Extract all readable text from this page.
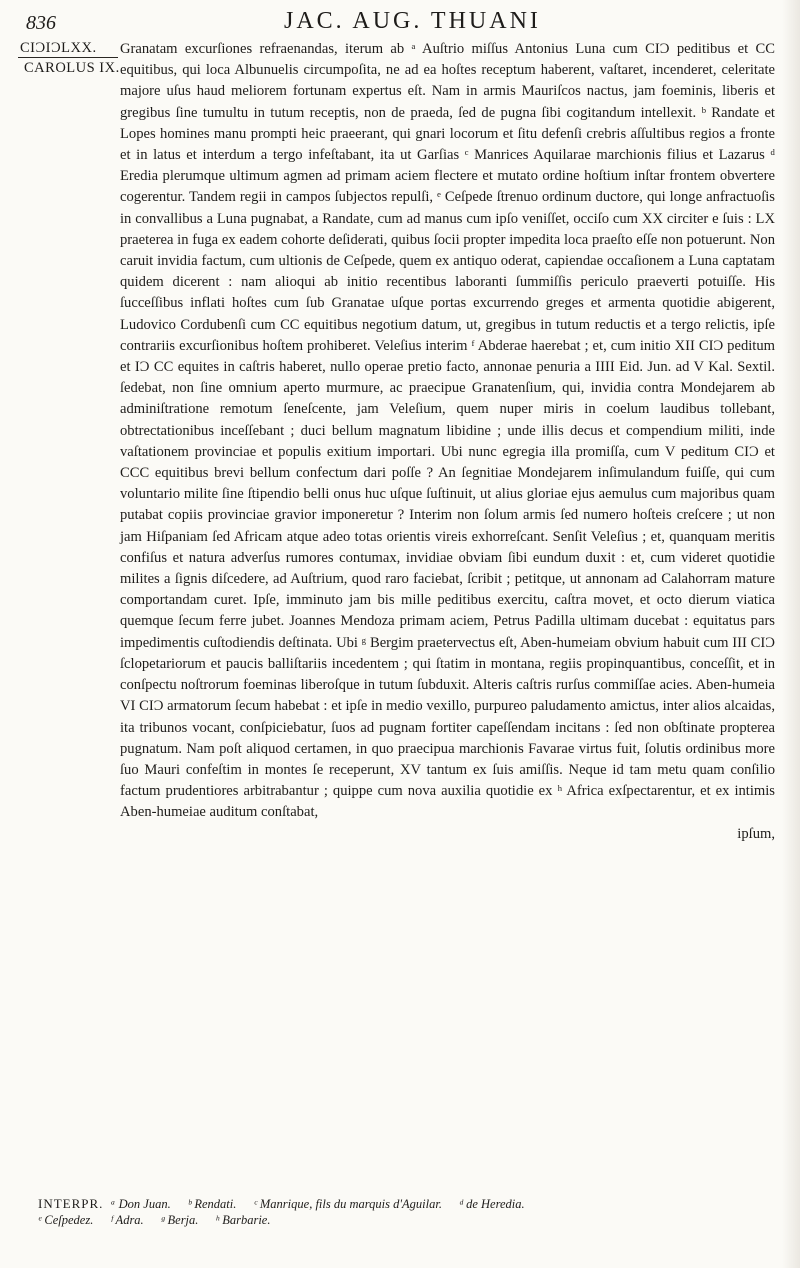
836	JAC. AUG. THUANI
CIƆIƆLXX.
CAROLUS IX.

Granatam excurſiones refraenandas, iterum ab ᵃ Auſtrio miſſus Antonius Luna cum CIƆ peditibus et CC equitibus, qui loca Albunuelis circumpoſita, ne ad ea hoſtes receptum haberent, vaſtaret, incenderet, celeritate majore uſus haud meliorem fortunam expertus eſt. Nam in armis Mauriſcos nactus, jam foeminis, liberis et gregibus ſine tumultu in tutum receptis, non de praeda, ſed de pugna ſibi cogitandum intellexit. ᵇ Randate et Lopes homines manu prompti heic praeerant, qui gnari locorum et ſitu defenſi crebris aſſultibus regios a fronte et in latus et interdum a tergo infeſtabant, ita ut Garſias ᶜ Manrices Aquilarae marchionis filius et Lazarus ᵈ Eredia plerumque ultimum agmen ad primam aciem flectere et mutato ordine hoſtium inſtar frontem obvertere cogerentur. Tandem regii in campos ſubjectos repulſi, ᵉ Ceſpede ſtrenuo ordinum ductore, qui longe anfractuoſis in convallibus a Luna pugnabat, a Randate, cum ad manus cum ipſo veniſſet, occiſo cum XX circiter e ſuis : LX praeterea in fuga ex eadem cohorte deſiderati, quibus ſocii propter impedita loca praeſto eſſe non potuerunt. Non caruit invidia factum, cum ultionis de Ceſpede, quem ex antiquo oderat, capiendae occaſionem a Luna captatam quidem dicerent : nam alioqui ab initio recentibus laboranti ſummiſſis periculo praeverti potuiſſe. His ſucceſſibus inflati hoſtes cum ſub Granatae uſque portas excurrendo greges et armenta quotidie abigerent, Ludovico Cordubenſi cum CC equitibus negotium datum, ut, gregibus in tutum reductis et a tergo relictis, ipſe contrariis excurſionibus hoſtem prohiberet. Veleſius interim ᶠ Abderae haerebat ; et, cum initio XII CIƆ peditum et IƆ CC equites in caſtris haberet, nullo operae pretio facto, annonae penuria a IIII Eid. Jun. ad V Kal. Sextil. ſedebat, non ſine omnium aperto murmure, ac praecipue Granatenſium, qui, invidia contra Mondejarem ab adminiſtratione remotum ſeneſcente, jam Veleſium, quem nuper miris in coelum laudibus tollebant, obtrectationibus inceſſebant ; duci bellum magnatum libidine ; unde illis decus et compendium militi, inde vaſtationem provinciae et populis exitium importari. Ubi nunc egregia illa promiſſa, cum V peditum CIƆ et CCC equitibus brevi bellum confectum dari poſſe ? An ſegnitiae Mondejarem inſimulandum fuiſſe, qui cum voluntario milite ſine ſtipendio belli onus huc uſque ſuſtinuit, ut alius gloriae ejus aemulus cum majoribus quam putabat copiis provinciae gravior imponeretur ? Interim non ſolum armis ſed numero hoſteis creſcere ; ut non jam Hiſpaniam ſed Africam atque adeo totas orientis vireis exhorreſcant. Senſit Veleſius ; et, quanquam meritis confiſus et natura adverſus rumores contumax, invidiae obviam ſibi eundum duxit : et, cum videret quotidie milites a ſignis diſcedere, ad Auſtrium, quod raro faciebat, ſcribit ; petitque, ut annonam ad Calahorram mature comportandam curet. Ipſe, imminuto jam bis mille peditibus exercitu, caſtra movet, et octo dierum viatica quemque ſecum ferre jubet. Joannes Mendoza primam aciem, Petrus Padilla ultimam ducebat : equitatus pars impedimentis cuſtodiendis deſtinata. Ubi ᵍ Bergim praetervectus eſt, Aben-humeiam obvium habuit cum III CIƆ ſclopetariorum et paucis balliſtariis incedentem ; qui ſtatim in montana, regiis propinquantibus, conceſſit, et in conſpectu noſtrorum foeminas liberoſque in tutum ſubduxit. Alteris caſtris rurſus commiſſae acies. Aben-humeia VI CIƆ armatorum ſecum habebat : et ipſe in medio vexillo, purpureo paludamento amictus, inter alios alcaidas, ita tribunos vocant, conſpiciebatur, ſuos ad pugnam fortiter capeſſendam incitans : ſed non obſtinate propterea pugnatum. Nam poſt aliquod certamen, in quo praecipua marchionis Favarae virtus fuit, ſolutis ordinibus more ſuo Mauri confeſtim in montes ſe receperunt, XV tantum ex ſuis amiſſis. Neque id tam metu quam conſilio factum prudentiores arbitrabantur ; quippe cum nova auxilia quotidie ex ʰ Africa exſpectarentur, et ex intimis Aben-humeiae auditum conſtabat,

ipſum,

INTERPR. ᵃ Don Juan. ᵇ Rendati. ᶜ Manrique, fils du marquis d'Aguilar. ᵈ de Heredia.
ᵉ Ceſpedez. ᶠ Adra. ᵍ Berja. ʰ Barbarie.
